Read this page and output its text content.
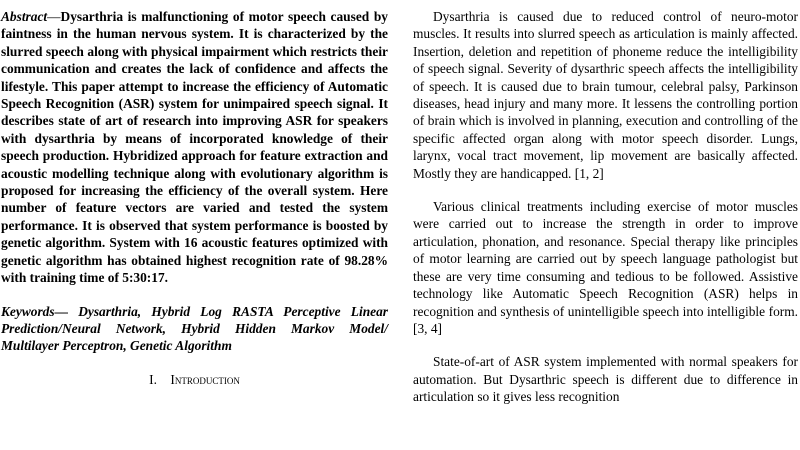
Abstract—Dysarthria is malfunctioning of motor speech caused by faintness in the human nervous system. It is characterized by the slurred speech along with physical impairment which restricts their communication and creates the lack of confidence and affects the lifestyle. This paper attempt to increase the efficiency of Automatic Speech Recognition (ASR) system for unimpaired speech signal. It describes state of art of research into improving ASR for speakers with dysarthria by means of incorporated knowledge of their speech production. Hybridized approach for feature extraction and acoustic modelling technique along with evolutionary algorithm is proposed for increasing the efficiency of the overall system. Here number of feature vectors are varied and tested the system performance. It is observed that system performance is boosted by genetic algorithm. System with 16 acoustic features optimized with genetic algorithm has obtained highest recognition rate of 98.28% with training time of 5:30:17.

Keywords— Dysarthria, Hybrid Log RASTA Perceptive Linear Prediction/Neural Network, Hybrid Hidden Markov Model/ Multilayer Perceptron, Genetic Algorithm

I. Introduction

Dysarthria is caused due to reduced control of neuro-motor muscles. It results into slurred speech as articulation is mainly affected. Insertion, deletion and repetition of phoneme reduce the intelligibility of speech signal. Severity of dysarthric speech affects the intelligibility of speech. It is caused due to brain tumour, celebral palsy, Parkinson diseases, head injury and many more. It lessens the controlling portion of brain which is involved in planning, execution and controlling of the specific affected organ along with motor speech disorder. Lungs, larynx, vocal tract movement, lip movement are basically affected. Mostly they are handicapped. [1, 2]

Various clinical treatments including exercise of motor muscles were carried out to increase the strength in order to improve articulation, phonation, and resonance. Special therapy like principles of motor learning are carried out by speech language pathologist but these are very time consuming and tedious to be followed. Assistive technology like Automatic Speech Recognition (ASR) helps in recognition and synthesis of unintelligible speech into intelligible form. [3, 4]

State-of-art of ASR system implemented with normal speakers for automation. But Dysarthric speech is different due to difference in articulation so it gives less recognition
